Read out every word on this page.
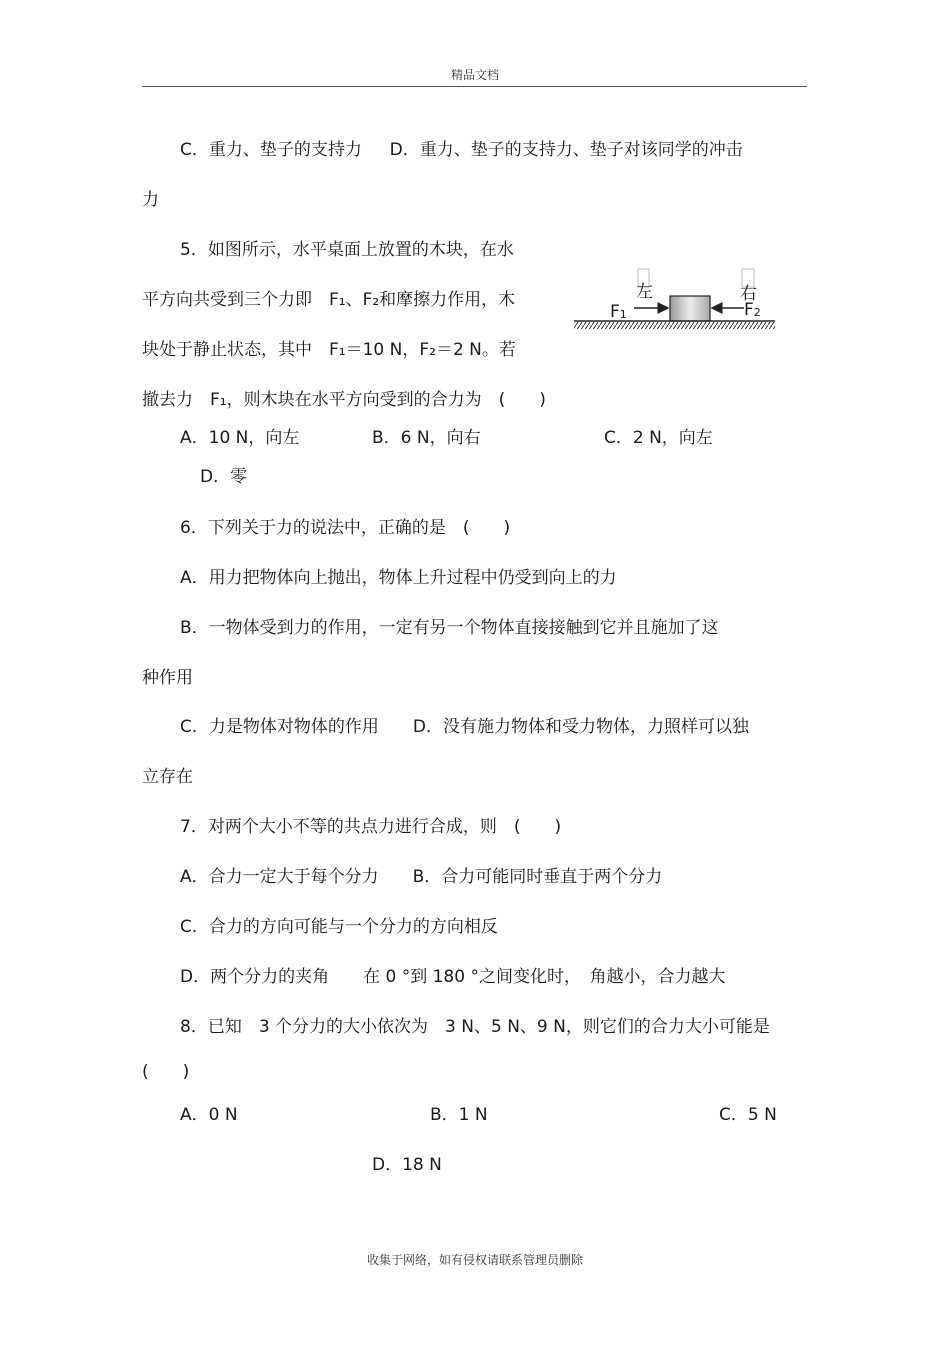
精品文档
C．重力、垫子的支持力　  D．重力、垫子的支持力、垫子对该同学的冲击
力
5．如图所示，水平桌面上放置的木块，在水
平方向共受到三个力即　F₁、F₂和摩擦力作用，木
块处于静止状态，其中　F₁＝10 N，F₂＝2 N。若
撤去力　F₁，则木块在水平方向受到的合力为　(　　)
A．10 N，向左	B．6 N，向右	C．2 N，向左
D．零
6．下列关于力的说法中，正确的是　(　　)
A．用力把物体向上抛出，物体上升过程中仍受到向上的力
B．一物体受到力的作用，一定有另一个物体直接接触到它并且施加了这
种作用
C．力是物体对物体的作用　　D．没有施力物体和受力物体，力照样可以独
立存在
7．对两个大小不等的共点力进行合成，则　(　　)
A．合力一定大于每个分力　　B．合力可能同时垂直于两个分力
C．合力的方向可能与一个分力的方向相反
D．两个分力的夹角　　在 0 °到 180 °之间变化时，　角越小，合力越大
8．已知　3 个分力的大小依次为　3 N、5 N、9 N，则它们的合力大小可能是
(　　)
A．0 N	B．1 N	C．5 N
D．18 N
左	右
$F_1$	$F_2$
收集于网络，如有侵权请联系管理员删除
